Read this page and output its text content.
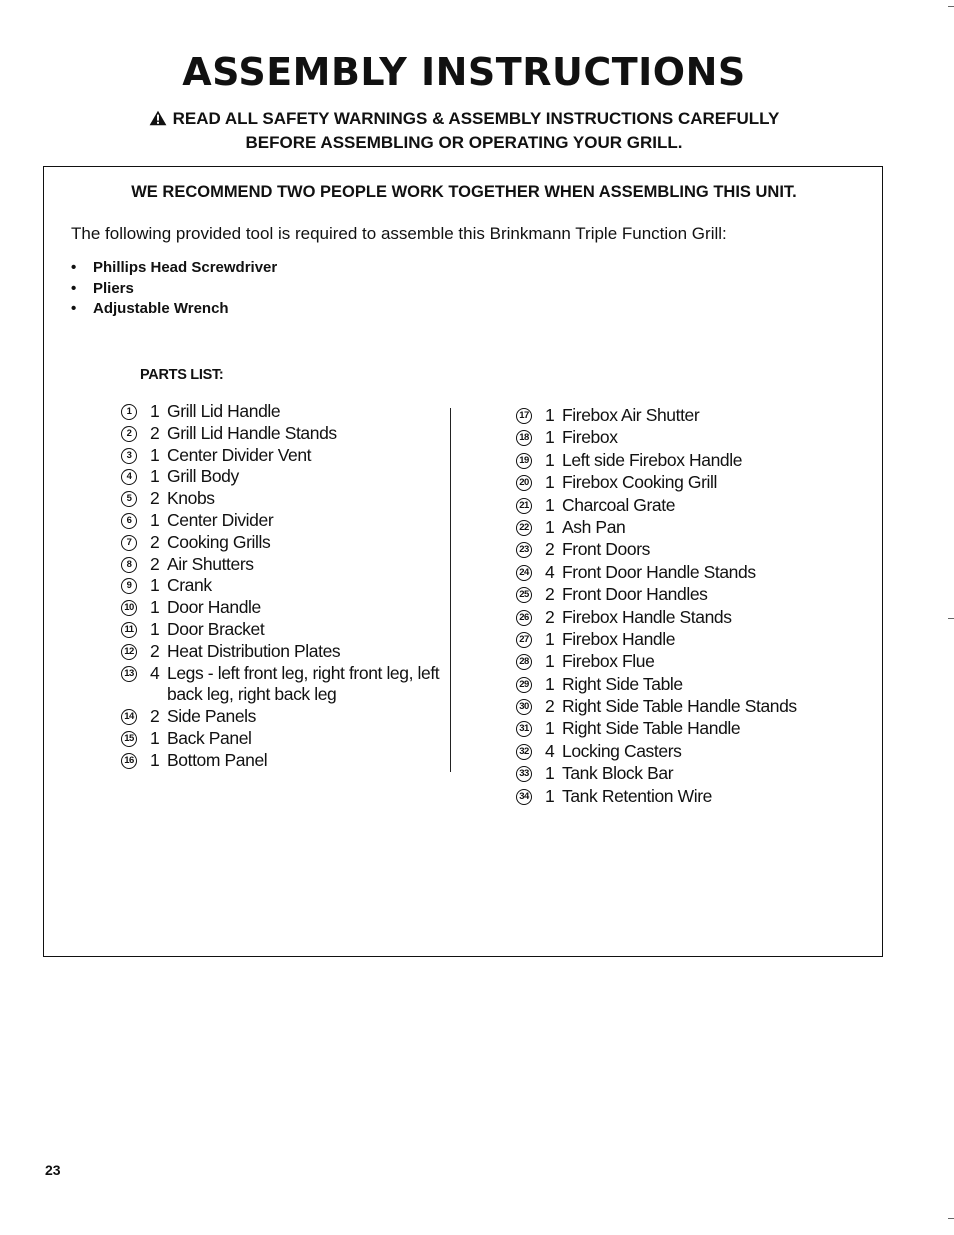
ASSEMBLY INSTRUCTIONS
READ ALL SAFETY WARNINGS & ASSEMBLY INSTRUCTIONS CAREFULLY
BEFORE ASSEMBLING OR OPERATING YOUR GRILL.
WE RECOMMEND TWO PEOPLE WORK TOGETHER WHEN ASSEMBLING THIS UNIT.
The following provided tool is required to assemble this Brinkmann Triple Function Grill:
• Phillips Head Screwdriver
• Pliers
• Adjustable Wrench
PARTS LIST:
1	1 Grill Lid Handle
2	2 Grill Lid Handle Stands
3	1 Center Divider Vent
4	1 Grill Body
5	2 Knobs
6	1 Center Divider
7	2 Cooking Grills
8	2 Air Shutters
9	1 Crank
10 1 Door Handle
11 1 Door Bracket
12 2 Heat Distribution Plates
13 4 Legs - left front leg, right front leg, left back leg, right back leg
14 2 Side Panels
15 1 Back Panel
16 1 Bottom Panel
17 1 Firebox Air Shutter
18 1 Firebox
19 1 Left side Firebox Handle
20 1 Firebox Cooking Grill
21 1 Charcoal Grate
22 1 Ash Pan
23 2 Front Doors
24 4 Front Door Handle Stands
25 2 Front Door Handles
26 2 Firebox Handle Stands
27 1 Firebox Handle
28 1 Firebox Flue
29 1 Right Side Table
30 2 Right Side Table Handle Stands
31 1 Right Side Table Handle
32 4 Locking Casters
33 1 Tank Block Bar
34 1 Tank Retention Wire
23
